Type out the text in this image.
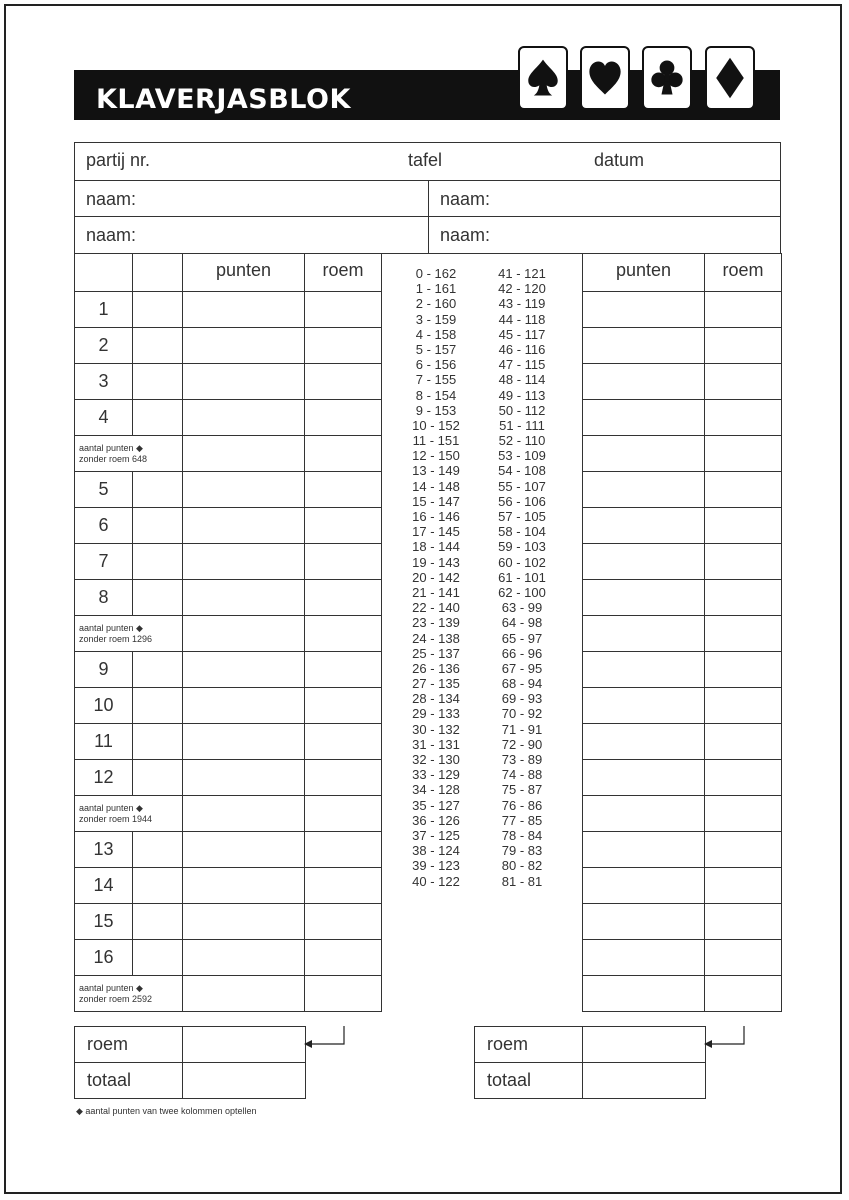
KLAVERJASBLOK
partij nr.	tafel	datum
naam:	naam:
naam:	naam:
		punten	roem
1			
2			
3			
4			

aantal punten ◆
zonder roem 648			

5			
6			
7			
8			

aantal punten ◆
zonder roem 1296			

9			
10			
11			
12			

aantal punten ◆
zonder roem 1944			

13			
14			
15			
16			

aantal punten ◆
zonder roem 2592			

punten	roem

0 - 162	41 - 121
1 - 161	42 - 120
2 - 160	43 - 119
3 - 159	44 - 118
4 - 158	45 - 117
5 - 157	46 - 116
6 - 156	47 - 115
7 - 155	48 - 114
8 - 154	49 - 113
9 - 153	50 - 112
10 - 152	51 - 111
11 - 151	52 - 110
12 - 150	53 - 109
13 - 149	54 - 108
14 - 148	55 - 107
15 - 147	56 - 106
16 - 146	57 - 105
17 - 145	58 - 104
18 - 144	59 - 103
19 - 143	60 - 102
20 - 142	61 - 101
21 - 141	62 - 100
22 - 140	63 - 99
23 - 139	64 - 98
24 - 138	65 - 97
25 - 137	66 - 96
26 - 136	67 - 95
27 - 135	68 - 94
28 - 134	69 - 93
29 - 133	70 - 92
30 - 132	71 - 91
31 - 131	72 - 90
32 - 130	73 - 89
33 - 129	74 - 88
34 - 128	75 - 87
35 - 127	76 - 86
36 - 126	77 - 85
37 - 125	78 - 84
38 - 124	79 - 83
39 - 123	80 - 82
40 - 122	81 - 81
roem	
totaal	
roem	
totaal	
◆ aantal punten van twee kolommen optellen
